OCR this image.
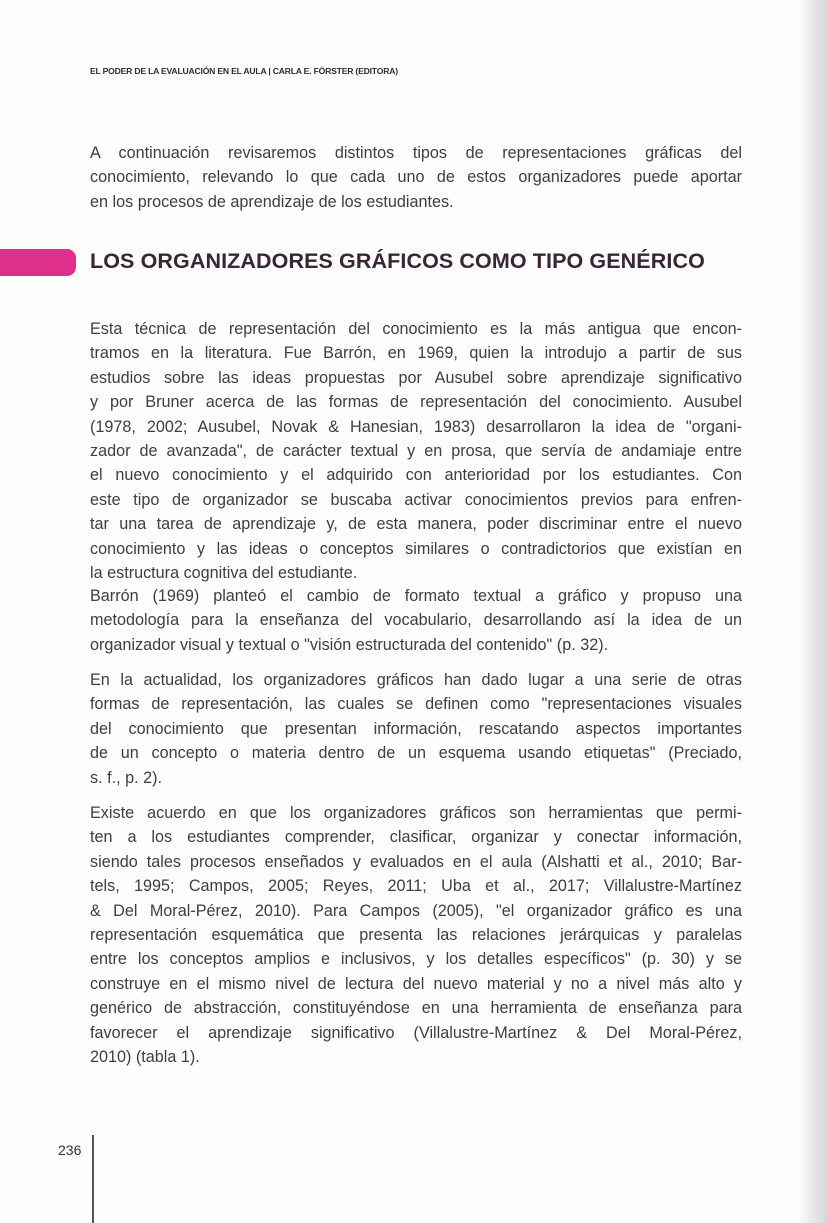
EL PODER DE LA EVALUACIÓN EN EL AULA | CARLA E. FÖRSTER (EDITORA)
A continuación revisaremos distintos tipos de representaciones gráficas del
conocimiento, relevando lo que cada uno de estos organizadores puede aportar
en los procesos de aprendizaje de los estudiantes.
LOS ORGANIZADORES GRÁFICOS COMO TIPO GENÉRICO
Esta técnica de representación del conocimiento es la más antigua que encon-
tramos en la literatura. Fue Barrón, en 1969, quien la introdujo a partir de sus
estudios sobre las ideas propuestas por Ausubel sobre aprendizaje significativo
y por Bruner acerca de las formas de representación del conocimiento. Ausubel
(1978, 2002; Ausubel, Novak & Hanesian, 1983) desarrollaron la idea de "organi-
zador de avanzada", de carácter textual y en prosa, que servía de andamiaje entre
el nuevo conocimiento y el adquirido con anterioridad por los estudiantes. Con
este tipo de organizador se buscaba activar conocimientos previos para enfren-
tar una tarea de aprendizaje y, de esta manera, poder discriminar entre el nuevo
conocimiento y las ideas o conceptos similares o contradictorios que existían en
la estructura cognitiva del estudiante.
Barrón (1969) planteó el cambio de formato textual a gráfico y propuso una
metodología para la enseñanza del vocabulario, desarrollando así la idea de un
organizador visual y textual o "visión estructurada del contenido" (p. 32).
En la actualidad, los organizadores gráficos han dado lugar a una serie de otras
formas de representación, las cuales se definen como "representaciones visuales
del conocimiento que presentan información, rescatando aspectos importantes
de un concepto o materia dentro de un esquema usando etiquetas" (Preciado,
s. f., p. 2).
Existe acuerdo en que los organizadores gráficos son herramientas que permi-
ten a los estudiantes comprender, clasificar, organizar y conectar información,
siendo tales procesos enseñados y evaluados en el aula (Alshatti et al., 2010; Bar-
tels, 1995; Campos, 2005; Reyes, 2011; Uba et al., 2017; Villalustre-Martínez
& Del Moral-Pérez, 2010). Para Campos (2005), "el organizador gráfico es una
representación esquemática que presenta las relaciones jerárquicas y paralelas
entre los conceptos amplios e inclusivos, y los detalles específicos" (p. 30) y se
construye en el mismo nivel de lectura del nuevo material y no a nivel más alto y
genérico de abstracción, constituyéndose en una herramienta de enseñanza para
favorecer el aprendizaje significativo (Villalustre-Martínez & Del Moral-Pérez,
2010) (tabla 1).
236
